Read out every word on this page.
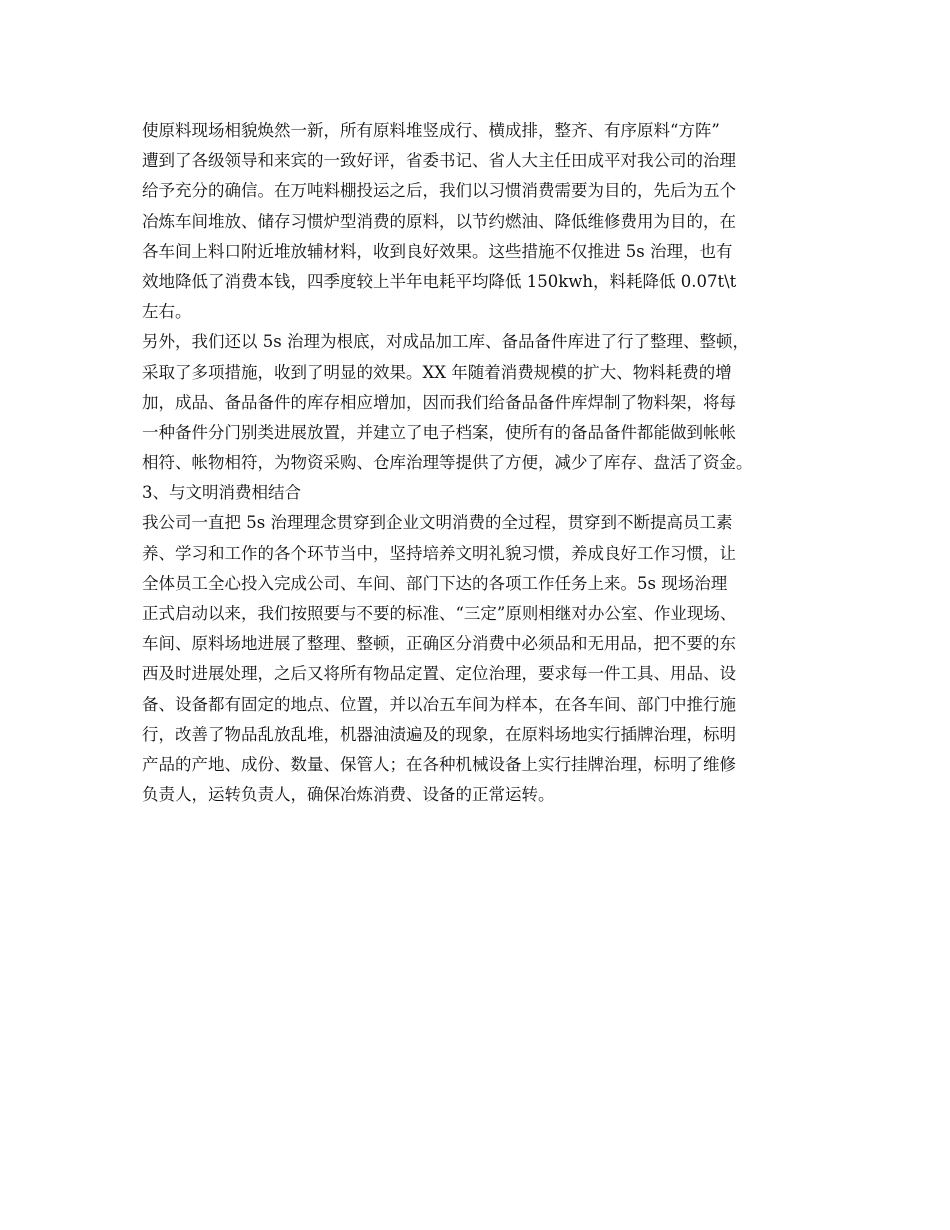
使原料现场相貌焕然一新，所有原料堆竖成行、横成排，整齐、有序原料“方阵”
遭到了各级领导和来宾的一致好评，省委书记、省人大主任田成平对我公司的治理
给予充分的确信。在万吨料棚投运之后，我们以习惯消费需要为目的，先后为五个
冶炼车间堆放、储存习惯炉型消费的原料，以节约燃油、降低维修费用为目的，在
各车间上料口附近堆放辅材料，收到良好效果。这些措施不仅推进 5s 治理，也有
效地降低了消费本钱，四季度较上半年电耗平均降低 150kwh，料耗降低 0.07t\t
左右。
另外，我们还以 5s 治理为根底，对成品加工库、备品备件库进了行了整理、整顿，
采取了多项措施，收到了明显的效果。XX 年随着消费规模的扩大、物料耗费的增
加，成品、备品备件的库存相应增加，因而我们给备品备件库焊制了物料架，将每
一种备件分门别类进展放置，并建立了电子档案，使所有的备品备件都能做到帐帐
相符、帐物相符，为物资采购、仓库治理等提供了方便，减少了库存、盘活了资金。
3、与文明消费相结合
我公司一直把 5s 治理理念贯穿到企业文明消费的全过程，贯穿到不断提高员工素
养、学习和工作的各个环节当中，坚持培养文明礼貌习惯，养成良好工作习惯，让
全体员工全心投入完成公司、车间、部门下达的各项工作任务上来。5s 现场治理
正式启动以来，我们按照要与不要的标准、“三定”原则相继对办公室、作业现场、
车间、原料场地进展了整理、整顿，正确区分消费中必须品和无用品，把不要的东
西及时进展处理，之后又将所有物品定置、定位治理，要求每一件工具、用品、设
备、设备都有固定的地点、位置，并以冶五车间为样本，在各车间、部门中推行施
行，改善了物品乱放乱堆，机器油渍遍及的现象，在原料场地实行插牌治理，标明
产品的产地、成份、数量、保管人；在各种机械设备上实行挂牌治理，标明了维修
负责人，运转负责人，确保冶炼消费、设备的正常运转。
